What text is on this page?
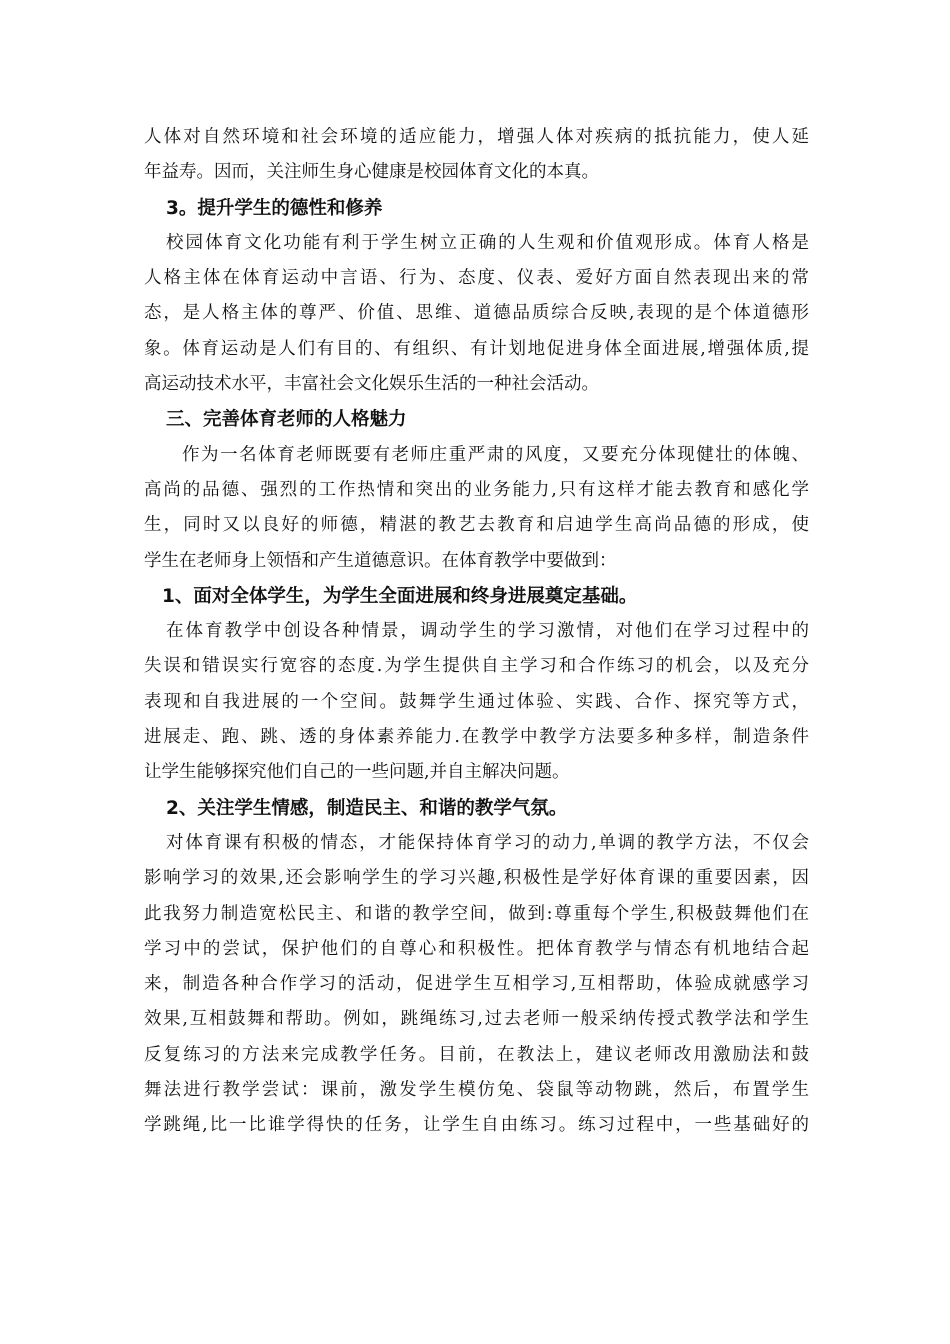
人体对自然环境和社会环境的适应能力，增强人体对疾病的抵抗能力，使人延
年益寿。因而，关注师生身心健康是校园体育文化的本真。
3。提升学生的德性和修养
校园体育文化功能有利于学生树立正确的人生观和价值观形成。体育人格是
人格主体在体育运动中言语、行为、态度、仪表、爱好方面自然表现出来的常
态，是人格主体的尊严、价值、思维、道德品质综合反映,表现的是个体道德形
象。体育运动是人们有目的、有组织、有计划地促进身体全面进展,增强体质,提
高运动技术水平，丰富社会文化娱乐生活的一种社会活动。
三、完善体育老师的人格魅力
作为一名体育老师既要有老师庄重严肃的风度，又要充分体现健壮的体魄、
高尚的品德、强烈的工作热情和突出的业务能力,只有这样才能去教育和感化学
生，同时又以良好的师德，精湛的教艺去教育和启迪学生高尚品德的形成，使
学生在老师身上领悟和产生道德意识。在体育教学中要做到：
1、面对全体学生，为学生全面进展和终身进展奠定基础。
在体育教学中创设各种情景，调动学生的学习激情，对他们在学习过程中的
失误和错误实行宽容的态度.为学生提供自主学习和合作练习的机会，以及充分
表现和自我进展的一个空间。鼓舞学生通过体验、实践、合作、探究等方式，
进展走、跑、跳、透的身体素养能力.在教学中教学方法要多种多样，制造条件
让学生能够探究他们自己的一些问题,并自主解决问题。
2、关注学生情感，制造民主、和谐的教学气氛。
对体育课有积极的情态，才能保持体育学习的动力,单调的教学方法，不仅会
影响学习的效果,还会影响学生的学习兴趣,积极性是学好体育课的重要因素，因
此我努力制造宽松民主、和谐的教学空间，做到:尊重每个学生,积极鼓舞他们在
学习中的尝试，保护他们的自尊心和积极性。把体育教学与情态有机地结合起
来，制造各种合作学习的活动，促进学生互相学习,互相帮助，体验成就感学习
效果,互相鼓舞和帮助。例如，跳绳练习,过去老师一般采纳传授式教学法和学生
反复练习的方法来完成教学任务。目前，在教法上，建议老师改用激励法和鼓
舞法进行教学尝试：课前，激发学生模仿兔、袋鼠等动物跳，然后，布置学生
学跳绳,比一比谁学得快的任务，让学生自由练习。练习过程中，一些基础好的
